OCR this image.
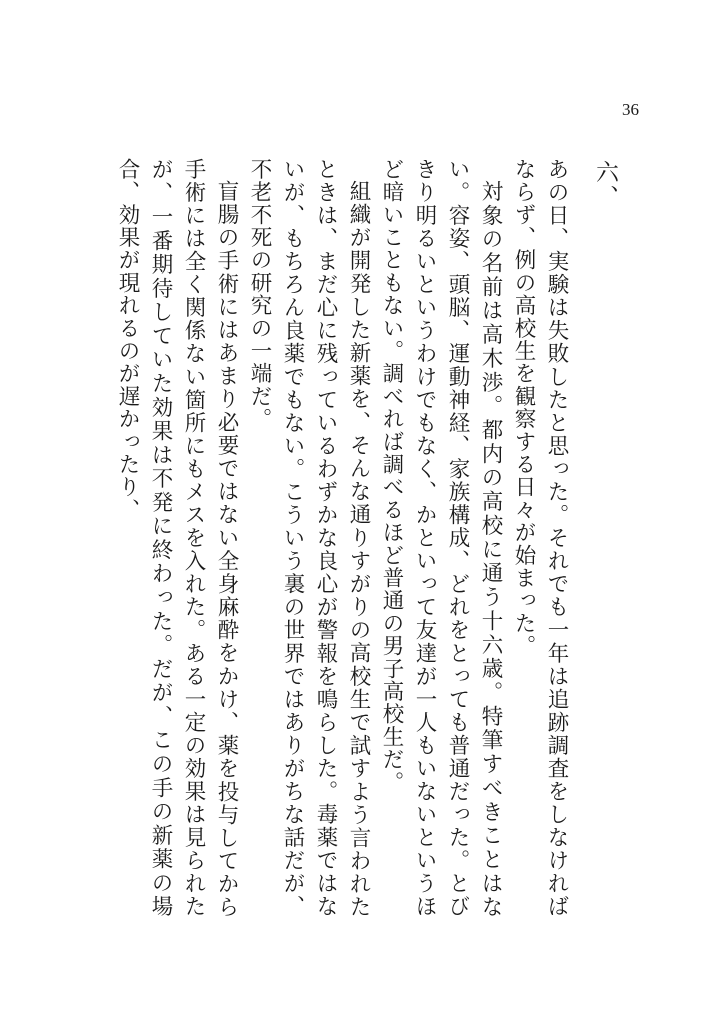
36
六、

あの日、実験は失敗したと思った。それでも一年は追跡調査をしなければならず、例の高校生を観察する日々が始まった。

対象の名前は高木渉。都内の高校に通う十六歳。特筆すべきことはない。容姿、頭脳、運動神経、家族構成、どれをとっても普通だった。とびきり明るいというわけでもなく、かといって友達が一人もいないというほど暗いこともない。調べれば調べるほど普通の男子高校生だ。

組織が開発した新薬を、そんな通りすがりの高校生で試すよう言われたときは、まだ心に残っているわずかな良心が警報を鳴らした。毒薬ではないが、もちろん良薬でもない。こういう裏の世界ではありがちな話だが、不老不死の研究の一端だ。

盲腸の手術にはあまり必要ではない全身麻酔をかけ、薬を投与してから手術には全く関係ない箇所にもメスを入れた。ある一定の効果は見られたが、一番期待していた効果は不発に終わった。だが、この手の新薬の場合、効果が現れるのが遅かったり、
